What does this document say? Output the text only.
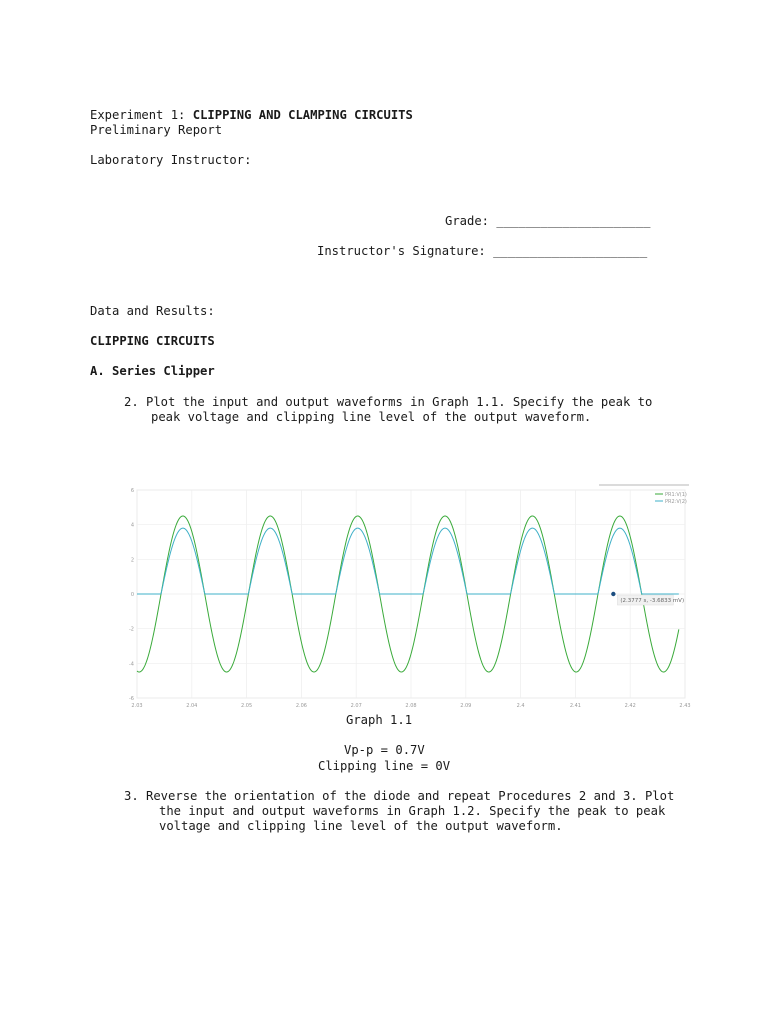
Experiment 1: CLIPPING AND CLAMPING CIRCUITS
Preliminary Report
Laboratory Instructor:
Grade: _____________________
Instructor's Signature: _____________________
Data and Results:
CLIPPING CIRCUITS
A. Series Clipper
2. Plot the input and output waveforms in Graph 1.1. Specify the peak to
peak voltage and clipping line level of the output waveform.
2.03	2.04	2.05	2.06	2.07	2.08	2.09	2.4	2.41	2.42	2.43
6
4
2
0
-2
-4
-6
PR1:V(1)
PR2:V(2)
(2.3777 s, -3.6833 mV)
Graph 1.1
Vp-p = 0.7V
Clipping line = 0V
3. Reverse the orientation of the diode and repeat Procedures 2 and 3. Plot
the input and output waveforms in Graph 1.2. Specify the peak to peak
voltage and clipping line level of the output waveform.
